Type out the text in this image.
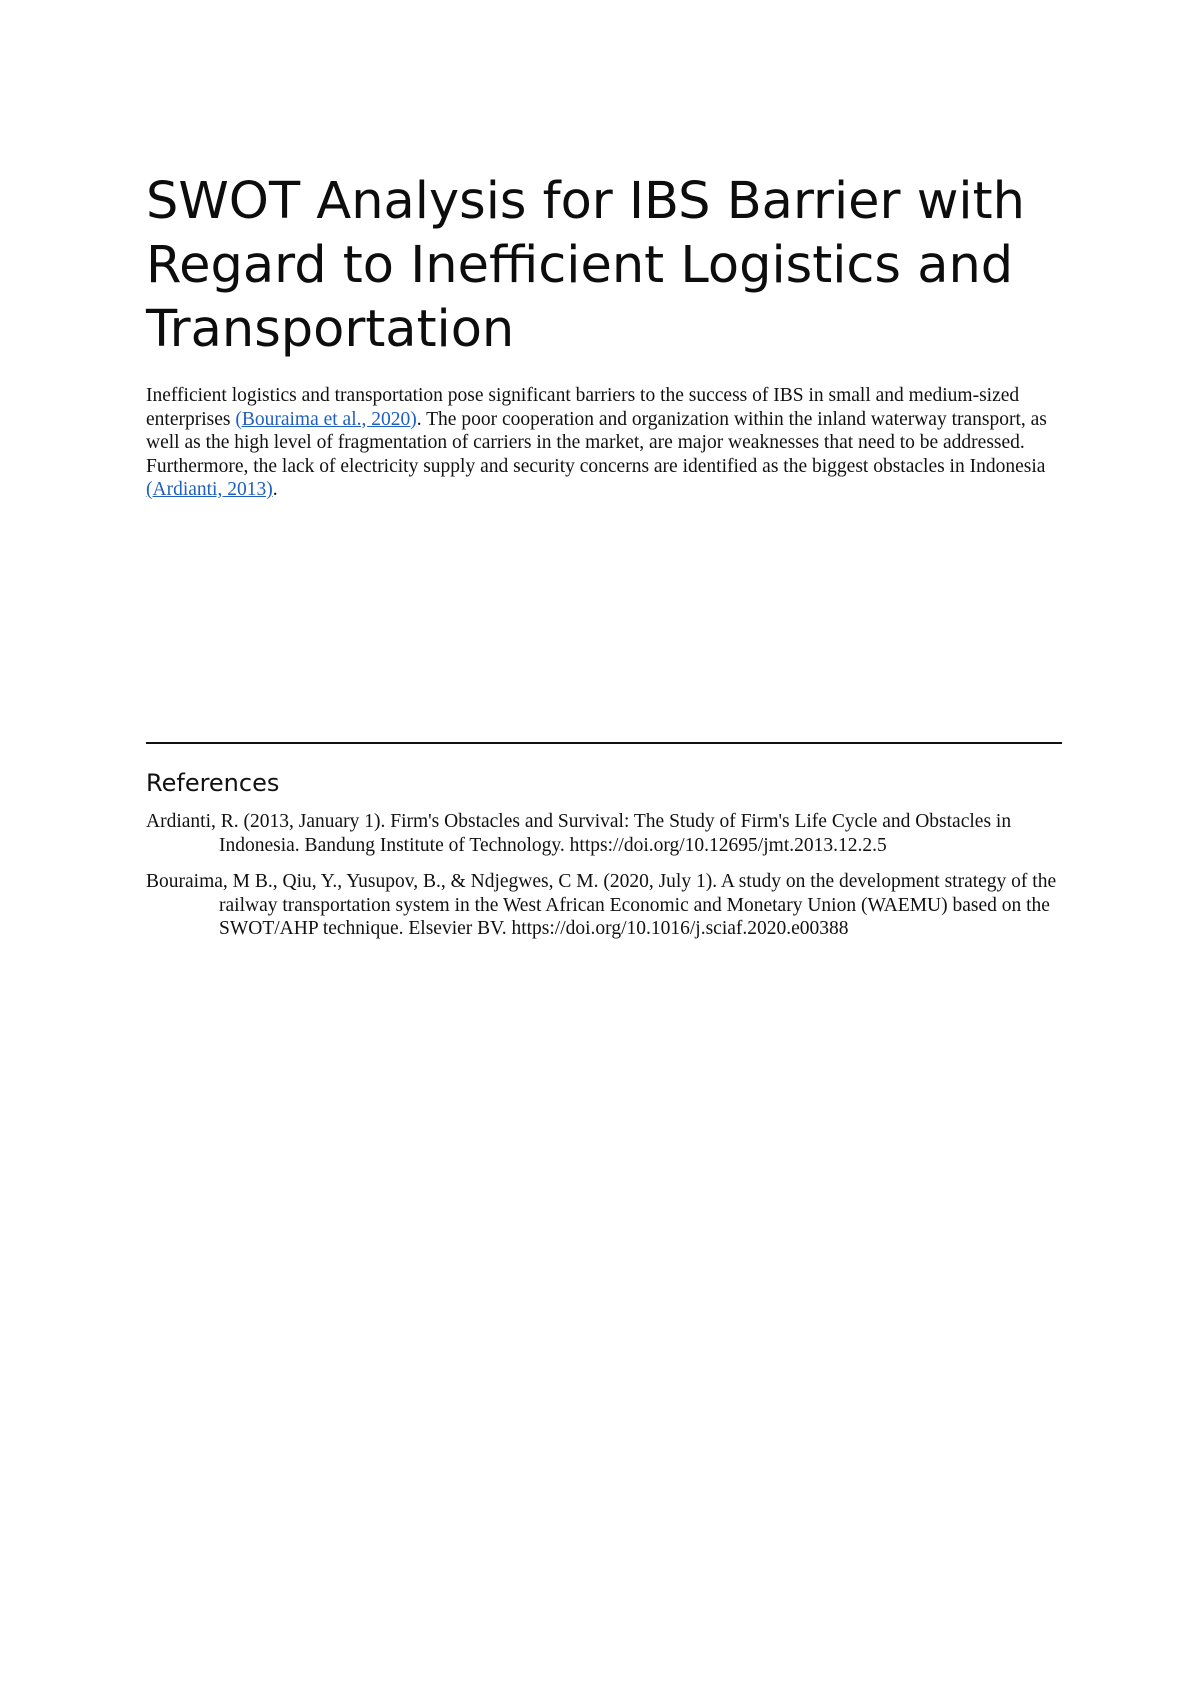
SWOT Analysis for IBS Barrier with Regard to Inefficient Logistics and Transportation

Inefficient logistics and transportation pose significant barriers to the success of IBS in small and medium-sized enterprises (Bouraima et al., 2020). The poor cooperation and organization within the inland waterway transport, as well as the high level of fragmentation of carriers in the market, are major weaknesses that need to be addressed. Furthermore, the lack of electricity supply and security concerns are identified as the biggest obstacles in Indonesia (Ardianti, 2013).

References

Ardianti, R. (2013, January 1). Firm's Obstacles and Survival: The Study of Firm's Life Cycle and Obstacles in Indonesia. Bandung Institute of Technology. https://doi.org/10.12695/jmt.2013.12.2.5

Bouraima, M B., Qiu, Y., Yusupov, B., & Ndjegwes, C M. (2020, July 1). A study on the development strategy of the railway transportation system in the West African Economic and Monetary Union (WAEMU) based on the SWOT/AHP technique. Elsevier BV. https://doi.org/10.1016/j.sciaf.2020.e00388
